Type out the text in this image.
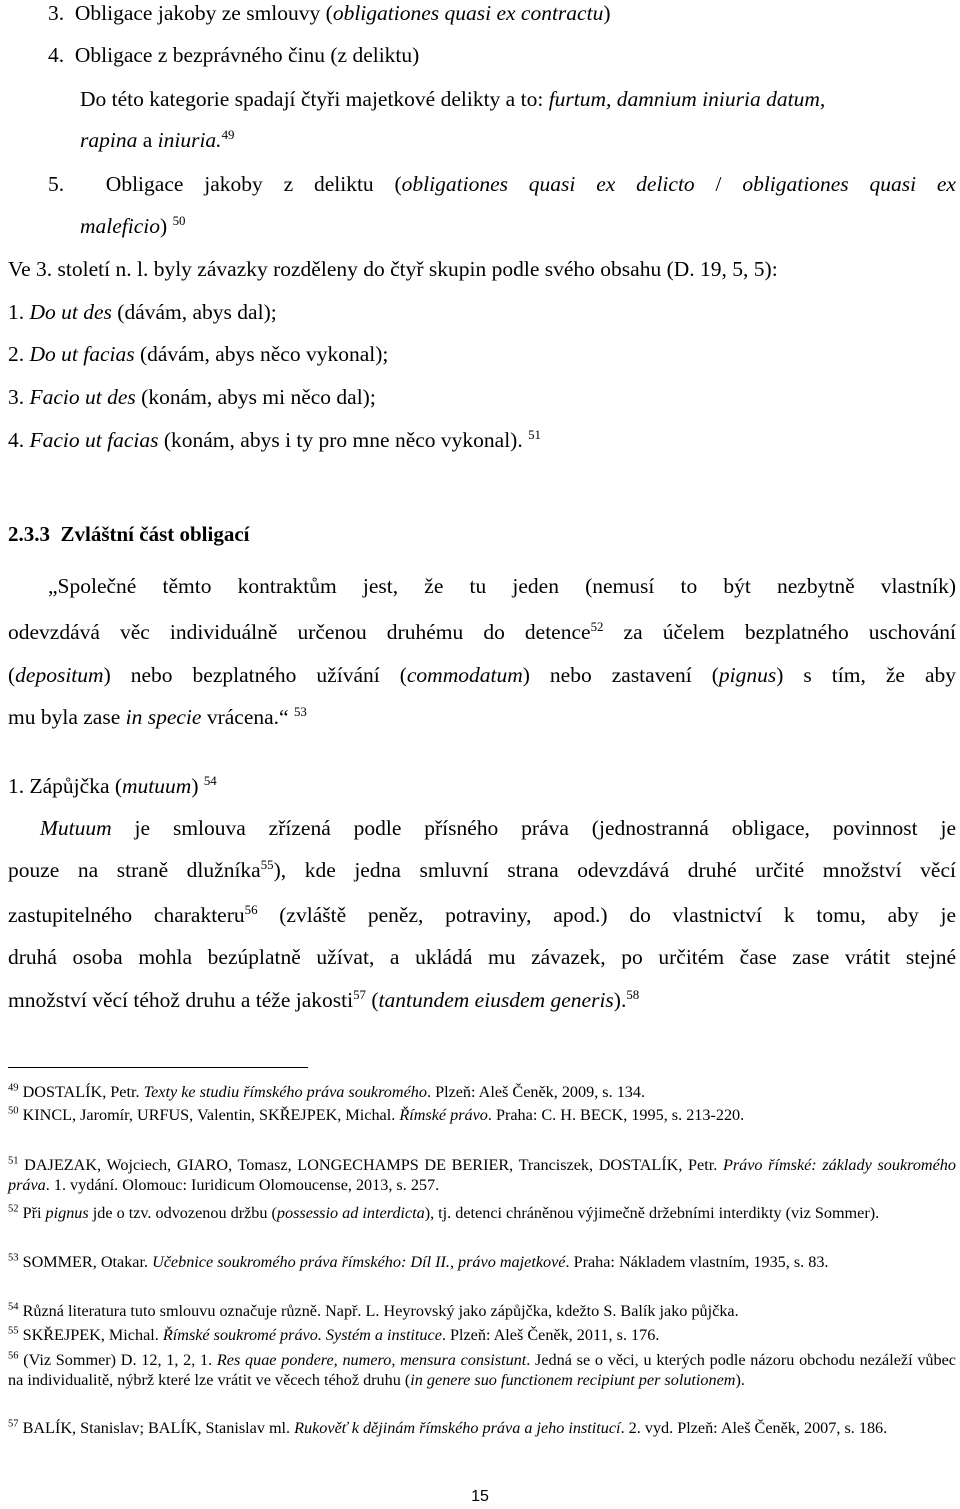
3. Obligace jakoby ze smlouvy (obligationes quasi ex contractu)
4. Obligace z bezprávného činu (z deliktu)
Do této kategorie spadají čtyři majetkové delikty a to: furtum, damnium iniuria datum,
rapina a iniuria.$^{49}$
5. Obligace jakoby z deliktu (obligationes quasi ex delicto / obligationes quasi ex
maleficio) $^{50}$
Ve 3. století n. l. byly závazky rozděleny do čtyř skupin podle svého obsahu (D. 19, 5, 5):
1. Do ut des (dávám, abys dal);
2. Do ut facias (dávám, abys něco vykonal);
3. Facio ut des (konám, abys mi něco dal);
4. Facio ut facias (konám, abys i ty pro mne něco vykonal). $^{51}$
2.3.3 Zvláštní část obligací
„Společné těmto kontraktům jest, že tu jeden (nemusí to být nezbytně vlastník)
odevzdává věc individuálně určenou druhému do detence$^{52}$ za účelem bezplatného uschování
(depositum) nebo bezplatného užívání (commodatum) nebo zastavení (pignus) s tím, že aby
mu byla zase in specie vrácena.“ $^{53}$
1. Zápůjčka (mutuum) $^{54}$
Mutuum je smlouva zřízená podle přísného práva (jednostranná obligace, povinnost je
pouze na straně dlužníka$^{55}$), kde jedna smluvní strana odevzdává druhé určité množství věcí
zastupitelného charakteru$^{56}$ (zvláště peněz, potraviny, apod.) do vlastnictví k tomu, aby je
druhá osoba mohla bezúplatně užívat, a ukládá mu závazek, po určitém čase zase vrátit stejné
množství věcí téhož druhu a téže jakosti$^{57}$ (tantundem eiusdem generis).$^{58}$
$^{49}$ DOSTALÍK, Petr. Texty ke studiu římského práva soukromého. Plzeň: Aleš Čeněk, 2009, s. 134.
$^{50}$ KINCL, Jaromír, URFUS, Valentin, SKŘEJPEK, Michal. Římské právo. Praha: C. H. BECK, 1995, s. 213-220.
$^{51}$ DAJEZAK, Wojciech, GIARO, Tomasz, LONGECHAMPS DE BERIER, Tranciszek, DOSTALÍK, Petr. Právo římské: základy soukromého práva. 1. vydání. Olomouc: Iuridicum Olomoucense, 2013, s. 257.
$^{52}$ Při pignus jde o tzv. odvozenou držbu (possessio ad interdicta), tj. detenci chráněnou výjimečně držebními interdikty (viz Sommer).
$^{53}$ SOMMER, Otakar. Učebnice soukromého práva římského: Díl II., právo majetkové. Praha: Nákladem vlastním, 1935, s. 83.
$^{54}$ Různá literatura tuto smlouvu označuje různě. Např. L. Heyrovský jako zápůjčka, kdežto S. Balík jako půjčka.
$^{55}$ SKŘEJPEK, Michal. Římské soukromé právo. Systém a instituce. Plzeň: Aleš Čeněk, 2011, s. 176.
$^{56}$ (Viz Sommer) D. 12, 1, 2, 1. Res quae pondere, numero, mensura consistunt. Jedná se o věci, u kterých podle názoru obchodu nezáleží vůbec na individualitě, nýbrž které lze vrátit ve věcech téhož druhu (in genere suo functionem recipiunt per solutionem).
$^{57}$ BALÍK, Stanislav; BALÍK, Stanislav ml. Rukověť k dějinám římského práva a jeho institucí. 2. vyd. Plzeň: Aleš Čeněk, 2007, s. 186.
15
